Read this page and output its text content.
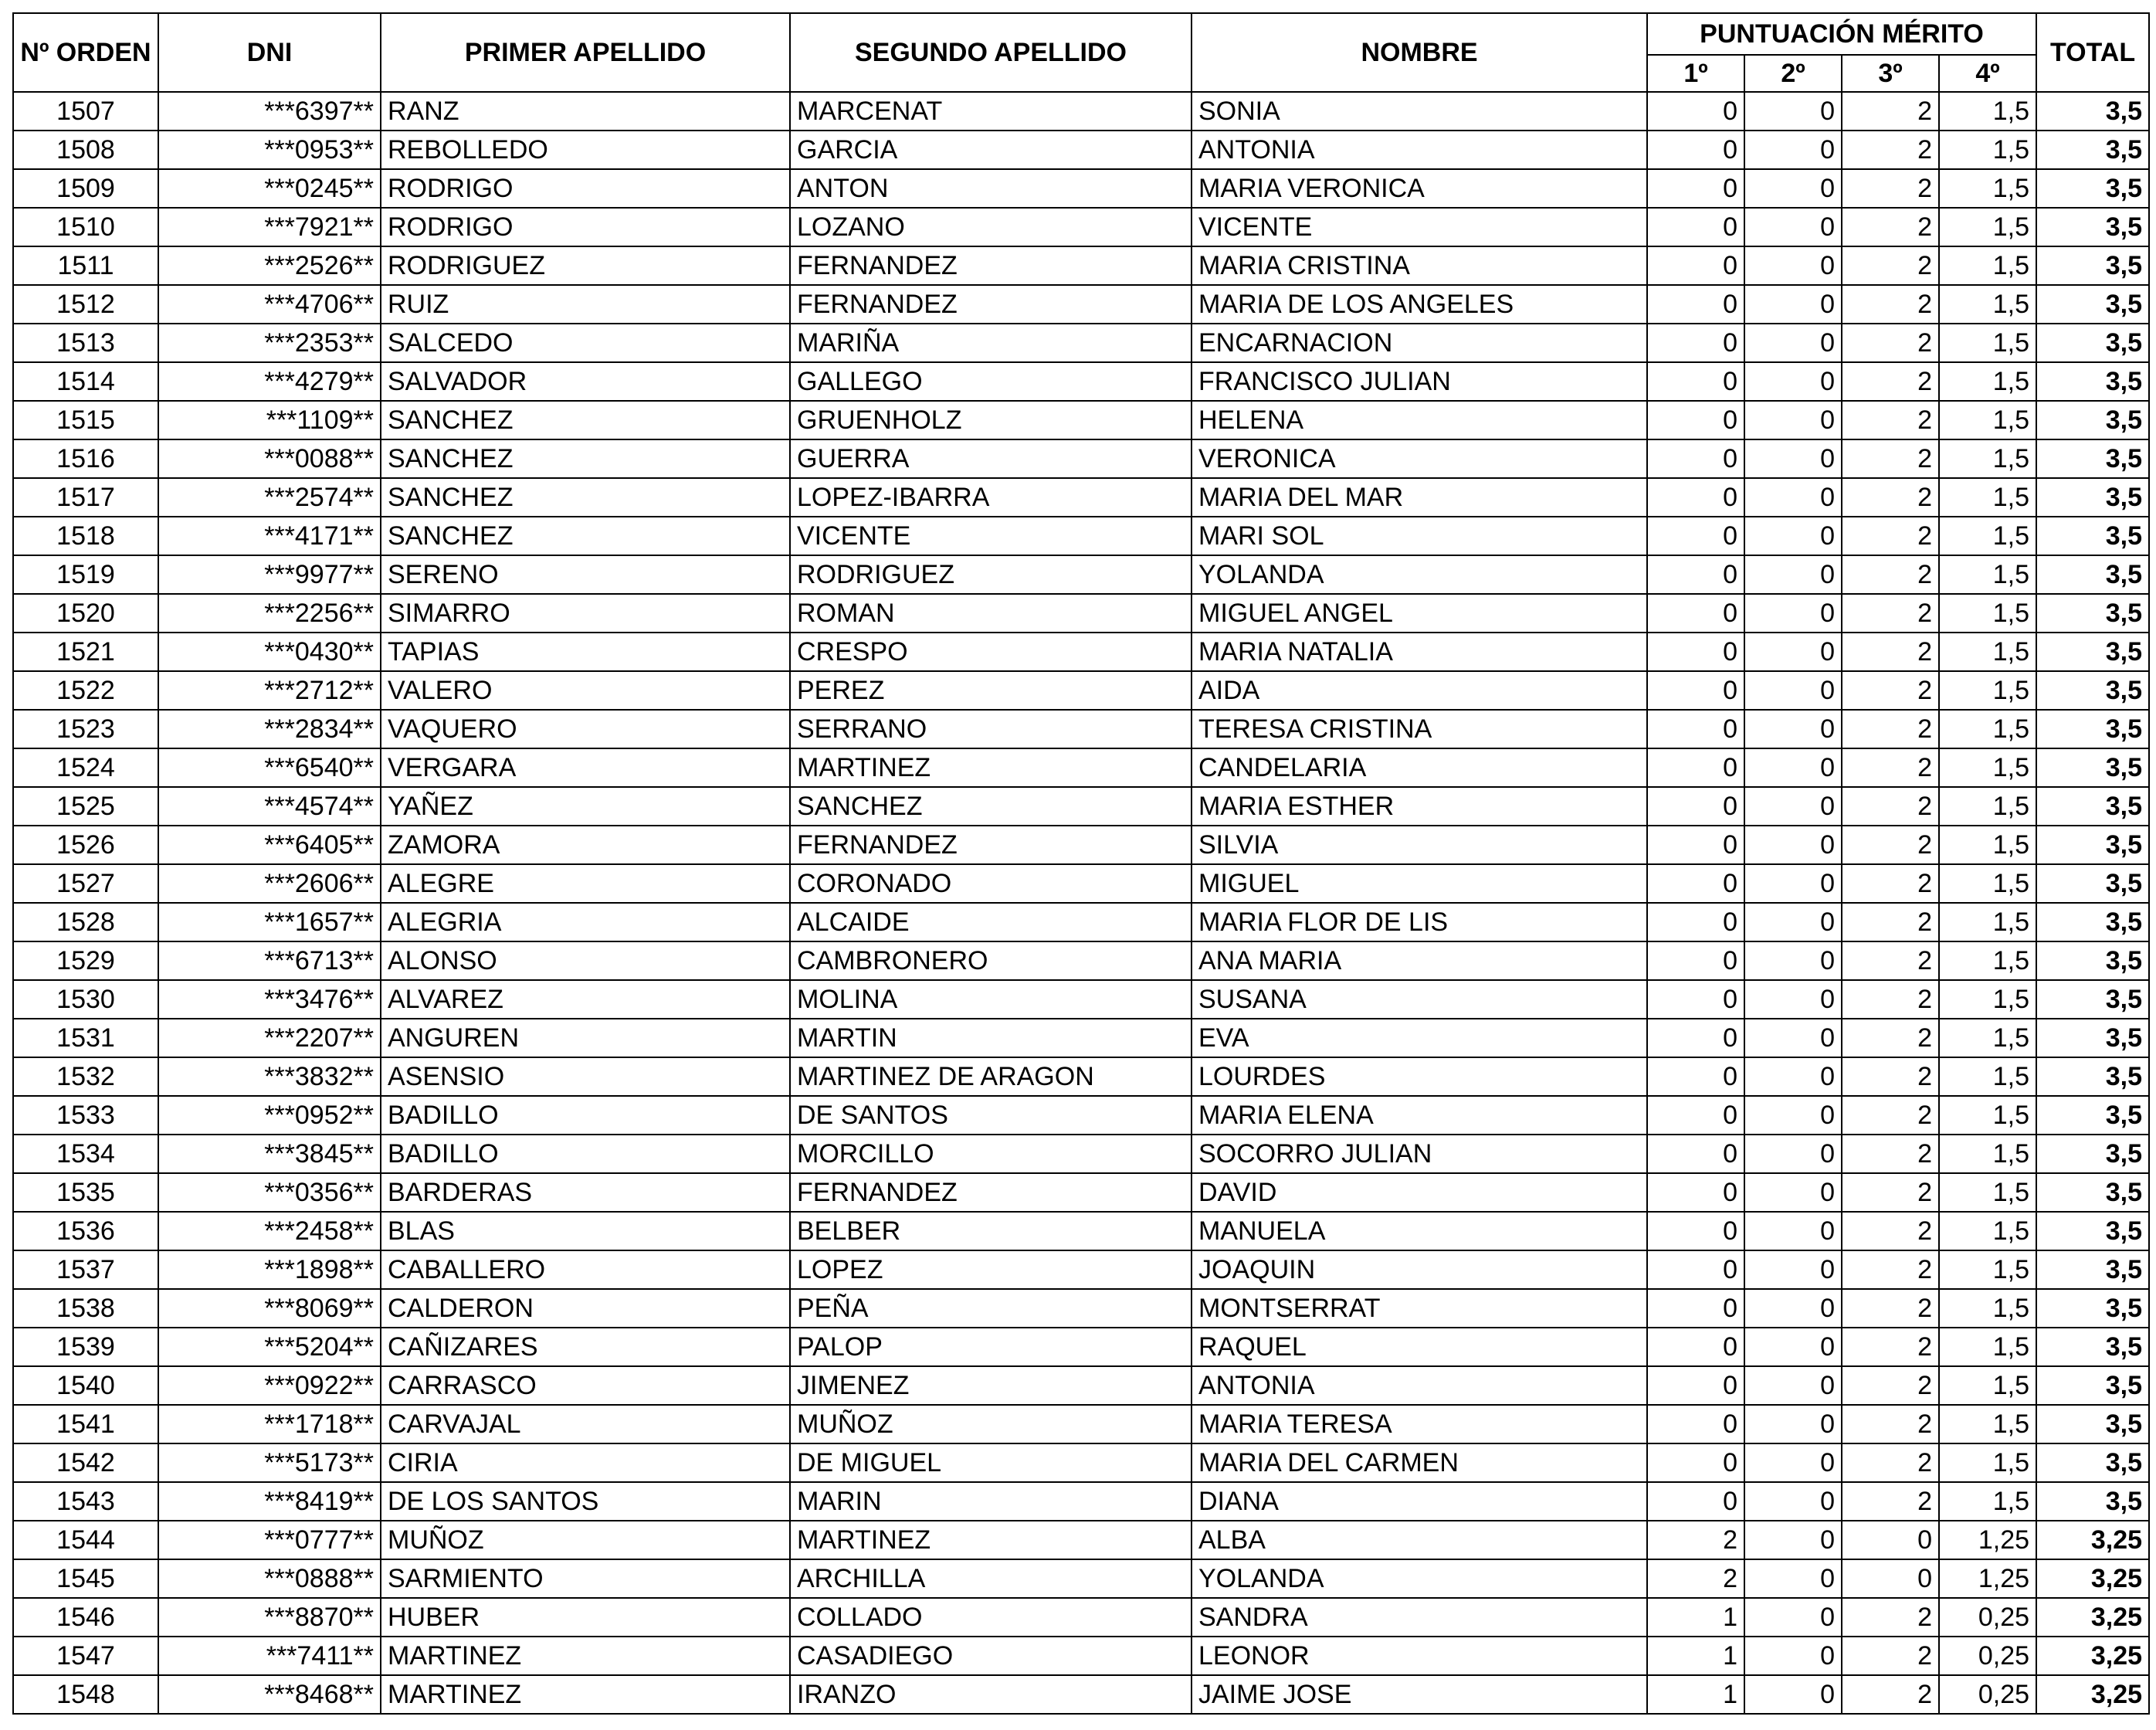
Nº ORDEN	DNI	PRIMER APELLIDO	SEGUNDO APELLIDO	NOMBRE	PUNTUACIÓN MÉRITO				TOTAL
					1º	2º	3º	4º	
1507	***6397**	RANZ	MARCENAT	SONIA	0	0	2	1,5	3,5
1508	***0953**	REBOLLEDO	GARCIA	ANTONIA	0	0	2	1,5	3,5
1509	***0245**	RODRIGO	ANTON	MARIA VERONICA	0	0	2	1,5	3,5
1510	***7921**	RODRIGO	LOZANO	VICENTE	0	0	2	1,5	3,5
1511	***2526**	RODRIGUEZ	FERNANDEZ	MARIA CRISTINA	0	0	2	1,5	3,5
1512	***4706**	RUIZ	FERNANDEZ	MARIA DE LOS ANGELES	0	0	2	1,5	3,5
1513	***2353**	SALCEDO	MARIÑA	ENCARNACION	0	0	2	1,5	3,5
1514	***4279**	SALVADOR	GALLEGO	FRANCISCO JULIAN	0	0	2	1,5	3,5
1515	***1109**	SANCHEZ	GRUENHOLZ	HELENA	0	0	2	1,5	3,5
1516	***0088**	SANCHEZ	GUERRA	VERONICA	0	0	2	1,5	3,5
1517	***2574**	SANCHEZ	LOPEZ-IBARRA	MARIA DEL MAR	0	0	2	1,5	3,5
1518	***4171**	SANCHEZ	VICENTE	MARI SOL	0	0	2	1,5	3,5
1519	***9977**	SERENO	RODRIGUEZ	YOLANDA	0	0	2	1,5	3,5
1520	***2256**	SIMARRO	ROMAN	MIGUEL ANGEL	0	0	2	1,5	3,5
1521	***0430**	TAPIAS	CRESPO	MARIA NATALIA	0	0	2	1,5	3,5
1522	***2712**	VALERO	PEREZ	AIDA	0	0	2	1,5	3,5
1523	***2834**	VAQUERO	SERRANO	TERESA CRISTINA	0	0	2	1,5	3,5
1524	***6540**	VERGARA	MARTINEZ	CANDELARIA	0	0	2	1,5	3,5
1525	***4574**	YAÑEZ	SANCHEZ	MARIA ESTHER	0	0	2	1,5	3,5
1526	***6405**	ZAMORA	FERNANDEZ	SILVIA	0	0	2	1,5	3,5
1527	***2606**	ALEGRE	CORONADO	MIGUEL	0	0	2	1,5	3,5
1528	***1657**	ALEGRIA	ALCAIDE	MARIA FLOR DE LIS	0	0	2	1,5	3,5
1529	***6713**	ALONSO	CAMBRONERO	ANA MARIA	0	0	2	1,5	3,5
1530	***3476**	ALVAREZ	MOLINA	SUSANA	0	0	2	1,5	3,5
1531	***2207**	ANGUREN	MARTIN	EVA	0	0	2	1,5	3,5
1532	***3832**	ASENSIO	MARTINEZ DE ARAGON	LOURDES	0	0	2	1,5	3,5
1533	***0952**	BADILLO	DE SANTOS	MARIA ELENA	0	0	2	1,5	3,5
1534	***3845**	BADILLO	MORCILLO	SOCORRO JULIAN	0	0	2	1,5	3,5
1535	***0356**	BARDERAS	FERNANDEZ	DAVID	0	0	2	1,5	3,5
1536	***2458**	BLAS	BELBER	MANUELA	0	0	2	1,5	3,5
1537	***1898**	CABALLERO	LOPEZ	JOAQUIN	0	0	2	1,5	3,5
1538	***8069**	CALDERON	PEÑA	MONTSERRAT	0	0	2	1,5	3,5
1539	***5204**	CAÑIZARES	PALOP	RAQUEL	0	0	2	1,5	3,5
1540	***0922**	CARRASCO	JIMENEZ	ANTONIA	0	0	2	1,5	3,5
1541	***1718**	CARVAJAL	MUÑOZ	MARIA TERESA	0	0	2	1,5	3,5
1542	***5173**	CIRIA	DE MIGUEL	MARIA DEL CARMEN	0	0	2	1,5	3,5
1543	***8419**	DE LOS SANTOS	MARIN	DIANA	0	0	2	1,5	3,5
1544	***0777**	MUÑOZ	MARTINEZ	ALBA	2	0	0	1,25	3,25
1545	***0888**	SARMIENTO	ARCHILLA	YOLANDA	2	0	0	1,25	3,25
1546	***8870**	HUBER	COLLADO	SANDRA	1	0	2	0,25	3,25
1547	***7411**	MARTINEZ	CASADIEGO	LEONOR	1	0	2	0,25	3,25
1548	***8468**	MARTINEZ	IRANZO	JAIME JOSE	1	0	2	0,25	3,25
